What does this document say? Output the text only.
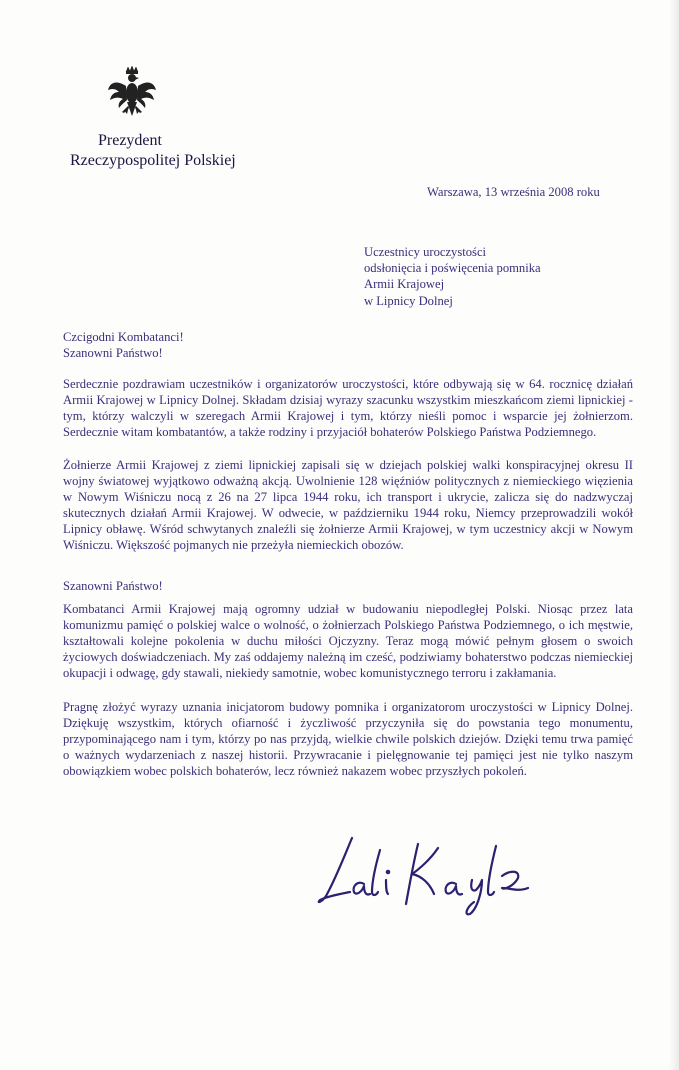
Prezydent
Rzeczypospolitej Polskiej
Warszawa, 13 września 2008 roku
Uczestnicy uroczystości
odsłonięcia i poświęcenia pomnika
Armii Krajowej
w Lipnicy Dolnej
Czcigodni Kombatanci!
Szanowni Państwo!

Serdecznie pozdrawiam uczestników i organizatorów uroczystości, które odbywają się w 64. rocznicę działań Armii Krajowej w Lipnicy Dolnej. Składam dzisiaj wyrazy szacunku wszystkim mieszkańcom ziemi lipnickiej - tym, którzy walczyli w szeregach Armii Krajowej i tym, którzy nieśli pomoc i wsparcie jej żołnierzom. Serdecznie witam kombatantów, a także rodziny i przyjaciół bohaterów Polskiego Państwa Podziemnego.

Żołnierze Armii Krajowej z ziemi lipnickiej zapisali się w dziejach polskiej walki konspiracyjnej okresu II wojny światowej wyjątkowo odważną akcją. Uwolnienie 128 więźniów politycznych z niemieckiego więzienia w Nowym Wiśniczu nocą z 26 na 27 lipca 1944 roku, ich transport i ukrycie, zalicza się do nadzwyczaj skutecznych działań Armii Krajowej. W odwecie, w październiku 1944 roku, Niemcy przeprowadzili wokół Lipnicy obławę. Wśród schwytanych znaleźli się żołnierze Armii Krajowej, w tym uczestnicy akcji w Nowym Wiśniczu. Większość pojmanych nie przeżyła niemieckich obozów.

Szanowni Państwo!

Kombatanci Armii Krajowej mają ogromny udział w budowaniu niepodległej Polski. Niosąc przez lata komunizmu pamięć o polskiej walce o wolność, o żołnierzach Polskiego Państwa Podziemnego, o ich męstwie, kształtowali kolejne pokolenia w duchu miłości Ojczyzny. Teraz mogą mówić pełnym głosem o swoich życiowych doświadczeniach. My zaś oddajemy należną im cześć, podziwiamy bohaterstwo podczas niemieckiej okupacji i odwagę, gdy stawali, niekiedy samotnie, wobec komunistycznego terroru i zakłamania.

Pragnę złożyć wyrazy uznania inicjatorom budowy pomnika i organizatorom uroczystości w Lipnicy Dolnej. Dziękuję wszystkim, których ofiarność i życzliwość przyczyniła się do powstania tego monumentu, przypominającego nam i tym, którzy po nas przyjdą, wielkie chwile polskich dziejów. Dzięki temu trwa pamięć o ważnych wydarzeniach z naszej historii. Przywracanie i pielęgnowanie tej pamięci jest nie tylko naszym obowiązkiem wobec polskich bohaterów, lecz również nakazem wobec przyszłych pokoleń.
